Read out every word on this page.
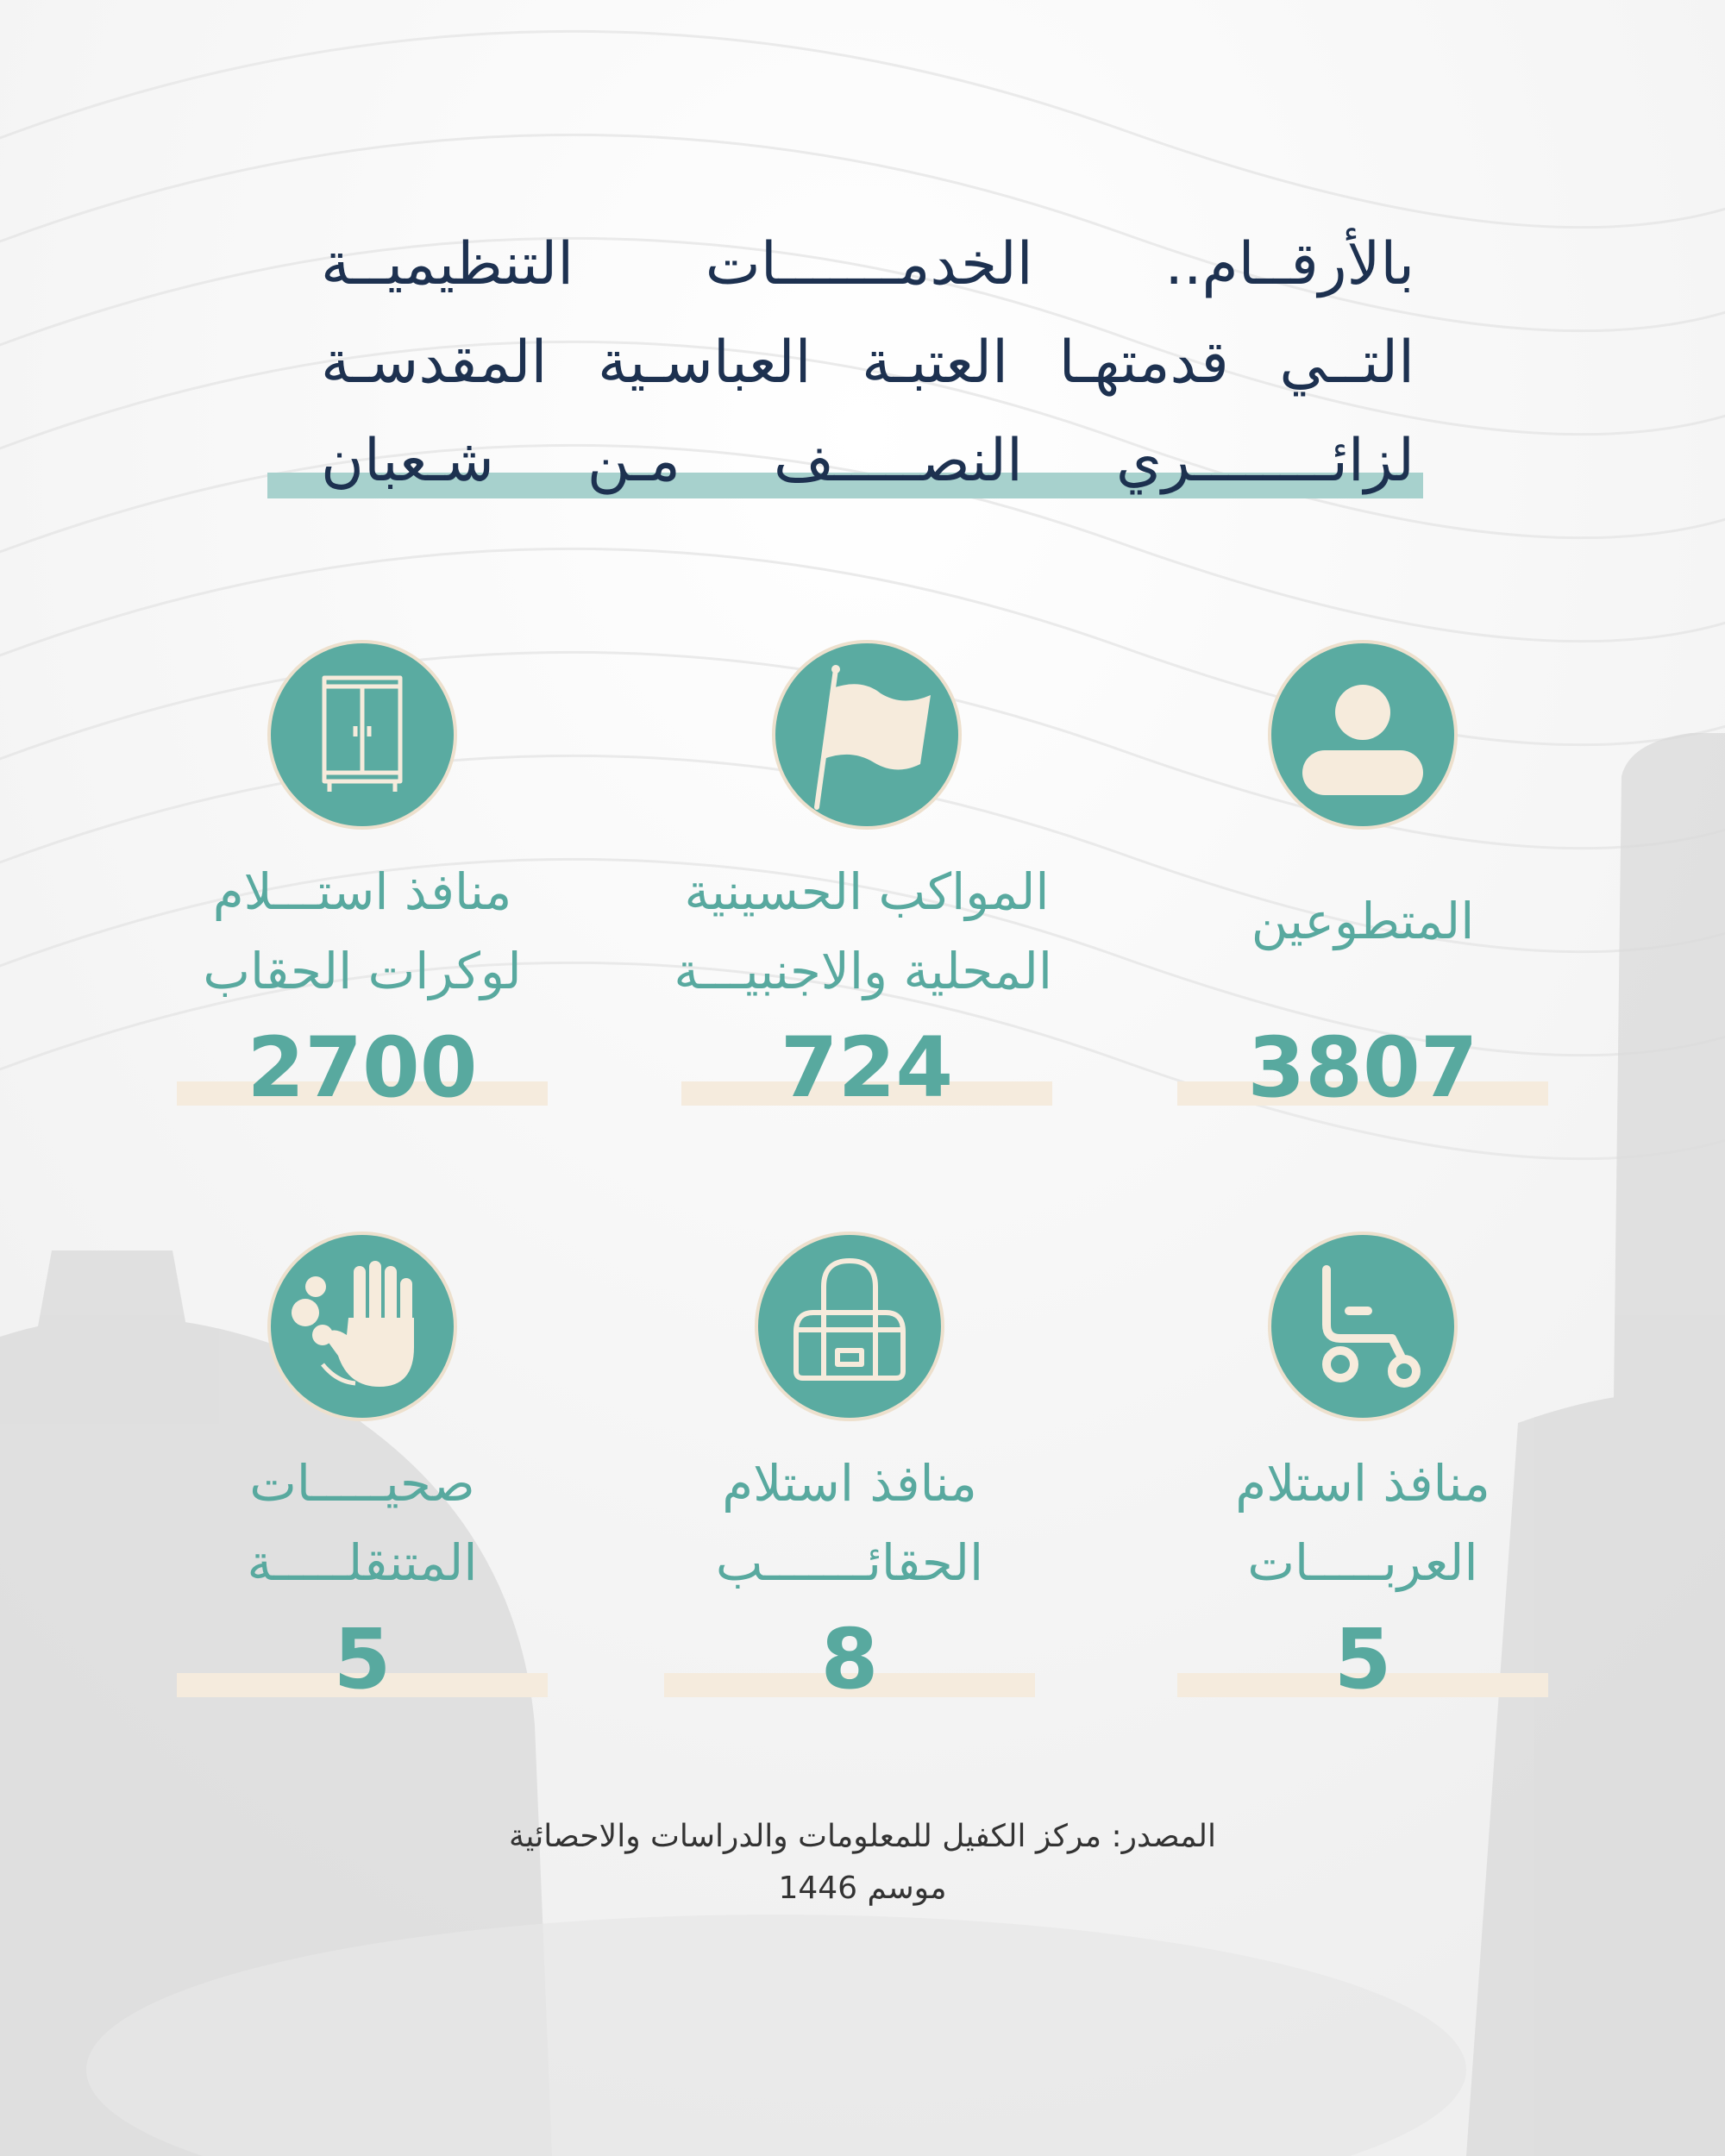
بالأرقــام.. الخدمـــــــات التنظيميــة
التــي قدمتهـا العتبـة العباسـية المقدسـة
لزائــــــــري النصـــــف مـن شـعبان
المتطوعين
3807
المواكب الحسينية
المحلية والاجنبيـــة
724
منافذ استـــلام
لوكرات الحقاب
2700
منافذ استلام
العربـــــات
5
منافذ استلام
الحقائـــــــب
8
صحيـــــات
المتنقلـــــة
5
المصدر: مركز الكفيل للمعلومات والدراسات والاحصائية
موسم 1446
